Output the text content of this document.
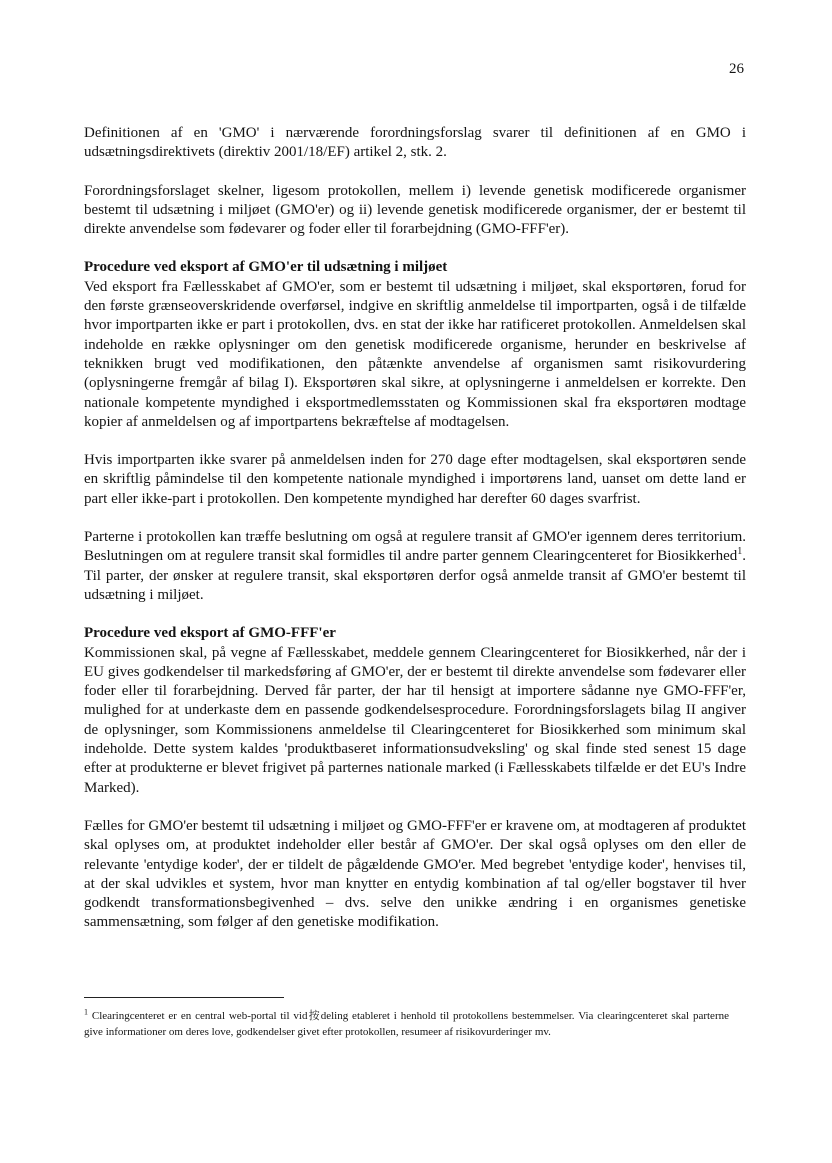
26

Definitionen af en 'GMO' i nærværende forordningsforslag svarer til definitionen af en GMO i udsætningsdirektivets (direktiv 2001/18/EF) artikel 2, stk. 2.

Forordningsforslaget skelner, ligesom protokollen, mellem i) levende genetisk modificerede organismer bestemt til udsætning i miljøet (GMO'er) og ii) levende genetisk modificerede organismer, der er bestemt til direkte anvendelse som fødevarer og foder eller til forarbejdning (GMO-FFF'er).

Procedure ved eksport af GMO'er til udsætning i miljøet

Ved eksport fra Fællesskabet af GMO'er, som er bestemt til udsætning i miljøet, skal eksportøren, forud for den første grænseoverskridende overførsel, indgive en skriftlig anmeldelse til importparten, også i de tilfælde hvor importparten ikke er part i protokollen, dvs. en stat der ikke har ratificeret protokollen. Anmeldelsen skal indeholde en række oplysninger om den genetisk modificerede organisme, herunder en beskrivelse af teknikken brugt ved modifikationen, den påtænkte anvendelse af organismen samt risikovurdering (oplysningerne fremgår af bilag I). Eksportøren skal sikre, at oplysningerne i anmeldelsen er korrekte. Den nationale kompetente myndighed i eksportmedlemsstaten og Kommissionen skal fra eksportøren modtage kopier af anmeldelsen og af importpartens bekræftelse af modtagelsen.

Hvis importparten ikke svarer på anmeldelsen inden for 270 dage efter modtagelsen, skal eksportøren sende en skriftlig påmindelse til den kompetente nationale myndighed i importørens land, uanset om dette land er part eller ikke-part i protokollen. Den kompetente myndighed har derefter 60 dages svarfrist.

Parterne i protokollen kan træffe beslutning om også at regulere transit af GMO'er igennem deres territorium. Beslutningen om at regulere transit skal formidles til andre parter gennem Clearingcenteret for Biosikkerhed$^1$. Til parter, der ønsker at regulere transit, skal eksportøren derfor også anmelde transit af GMO'er bestemt til udsætning i miljøet.

Procedure ved eksport af GMO-FFF'er

Kommissionen skal, på vegne af Fællesskabet, meddele gennem Clearingcenteret for Biosikkerhed, når der i EU gives godkendelser til markedsføring af GMO'er, der er bestemt til direkte anvendelse som fødevarer eller foder eller til forarbejdning. Derved får parter, der har til hensigt at importere sådanne nye GMO-FFF'er, mulighed for at underkaste dem en passende godkendelsesprocedure. Forordningsforslagets bilag II angiver de oplysninger, som Kommissionens anmeldelse til Clearingcenteret for Biosikkerhed som minimum skal indeholde. Dette system kaldes 'produktbaseret informationsudveksling' og skal finde sted senest 15 dage efter at produkterne er blevet frigivet på parternes nationale marked (i Fællesskabets tilfælde er det EU's Indre Marked).

Fælles for GMO'er bestemt til udsætning i miljøet og GMO-FFF'er er kravene om, at modtageren af produktet skal oplyses om, at produktet indeholder eller består af GMO'er. Der skal også oplyses om den eller de relevante 'entydige koder', der er tildelt de pågældende GMO'er. Med begrebet 'entydige koder', henvises til, at der skal udvikles et system, hvor man knytter en entydig kombination af tal og/eller bogstaver til hver godkendt transformationsbegivenhed – dvs. selve den unikke ændring i en organismes genetiske sammensætning, som følger af den genetiske modifikation.

$^1$ Clearingcenteret er en central web-portal til vid按deling etableret i henhold til protokollens bestemmelser. Via clearingcenteret skal parterne give informationer om deres love, godkendelser givet efter protokollen, resumeer af risikovurderinger mv.
